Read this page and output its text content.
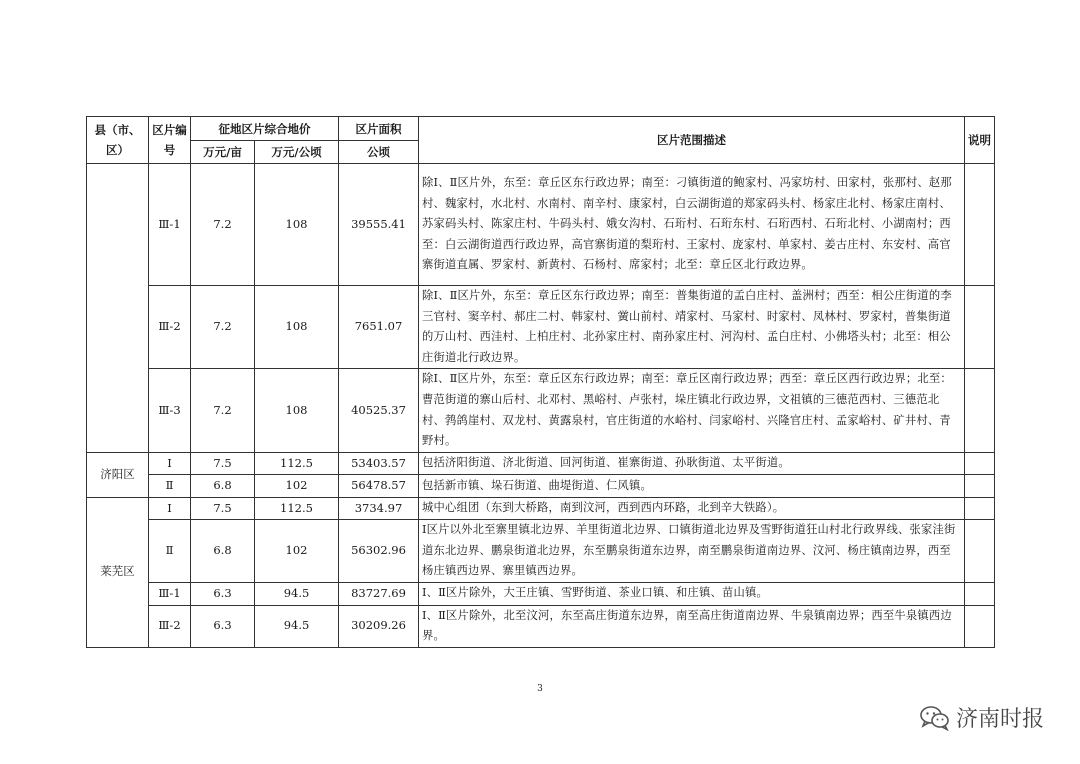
县（市、区）	区片编号	征地区片综合地价		区片面积	区片范围描述	说明
		万元/亩	万元/公顷	公顷		
	Ⅲ-1	7.2	108	39555.41	除Ⅰ、Ⅱ区片外，东至：章丘区东行政边界；南至：刁镇街道的鲍家村、冯家坊村、田家村，张那村、赵那村、魏家村，水北村、水南村、南辛村、康家村，白云湖街道的郑家码头村、杨家庄北村、杨家庄南村、苏家码头村、陈家庄村、牛码头村、娥女沟村、石珩村、石珩东村、石珩西村、石珩北村、小湖南村；西至：白云湖街道西行政边界，高官寨街道的梨珩村、王家村、庞家村、单家村、姜古庄村、东安村、高官寨街道直属、罗家村、新黄村、石杨村、席家村；北至：章丘区北行政边界。	
	Ⅲ-2	7.2	108	7651.07	除Ⅰ、Ⅱ区片外，东至：章丘区东行政边界；南至：普集街道的孟白庄村、盖洲村；西至：相公庄街道的李三官村、窦辛村、郝庄二村、韩家村、黉山前村、靖家村、马家村、时家村、凤林村、罗家村，普集街道的万山村、西洼村、上柏庄村、北孙家庄村、南孙家庄村、河沟村、孟白庄村、小佛塔头村；北至：相公庄街道北行政边界。	
	Ⅲ-3	7.2	108	40525.37	除Ⅰ、Ⅱ区片外，东至：章丘区东行政边界；南至：章丘区南行政边界；西至：章丘区西行政边界；北至：曹范街道的寨山后村、北邓村、黑峪村、卢张村，垛庄镇北行政边界，文祖镇的三德范西村、三德范北村、鹁鸽崖村、双龙村、黄露泉村，官庄街道的水峪村、闫家峪村、兴隆官庄村、孟家峪村、矿井村、青野村。	
济阳区	Ⅰ	7.5	112.5	53403.57	包括济阳街道、济北街道、回河街道、崔寨街道、孙耿街道、太平街道。	
	Ⅱ	6.8	102	56478.57	包括新市镇、垛石街道、曲堤街道、仁风镇。	
莱芜区	Ⅰ	7.5	112.5	3734.97	城中心组团（东到大桥路，南到汶河，西到西内环路，北到辛大铁路）。	
	Ⅱ	6.8	102	56302.96	Ⅰ区片以外北至寨里镇北边界、羊里街道北边界、口镇街道北边界及雪野街道狂山村北行政界线、张家洼街道东北边界、鹏泉街道北边界，东至鹏泉街道东边界，南至鹏泉街道南边界、汶河、杨庄镇南边界，西至杨庄镇西边界、寨里镇西边界。	
	Ⅲ-1	6.3	94.5	83727.69	Ⅰ、Ⅱ区片除外，大王庄镇、雪野街道、茶业口镇、和庄镇、苗山镇。	
	Ⅲ-2	6.3	94.5	30209.26	Ⅰ、Ⅱ区片除外，北至汶河，东至高庄街道东边界，南至高庄街道南边界、牛泉镇南边界；西至牛泉镇西边界。	
3
济南时报
